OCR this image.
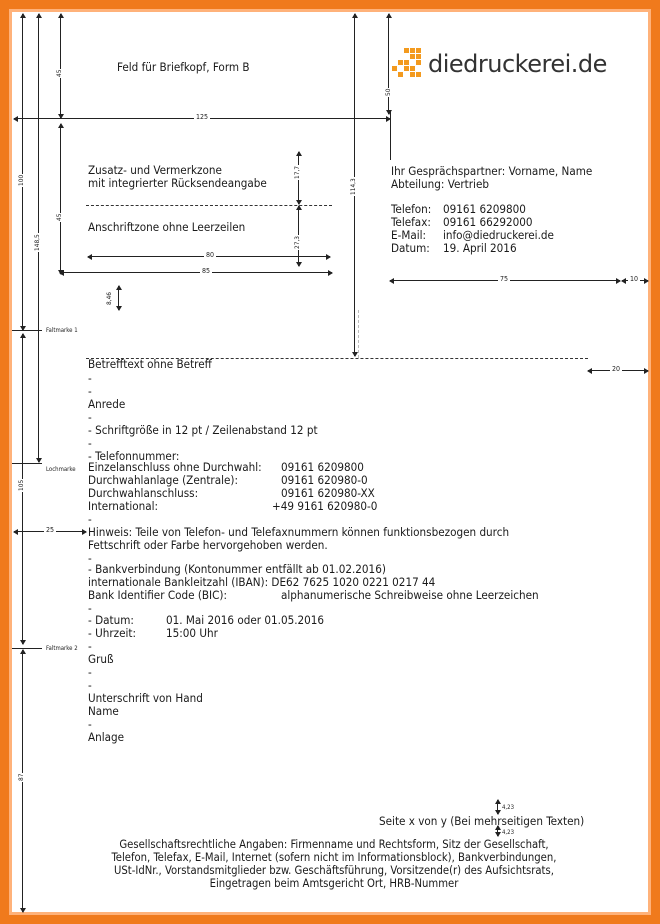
45
100
148,5
45
105
87
Faltmarke 1
Lochmarke
Faltmarke 2
125
50
114,3
17,7
27,3
80
85
8,46
75	10
20
25
4,23
4,23
Feld für Briefkopf, Form B	diedruckerei.de
Zusatz- und Vermerkzone
mit integrierter Rücksendeangabe
Anschriftzone ohne Leerzeilen
Ihr Gesprächspartner: Vorname, Name
Abteilung: Vertrieb
Telefon: 09161 6209800
Telefax: 09161 66292000
E-Mail: info@diedruckerei.de
Datum: 19. April 2016
Betrefftext ohne Betreff
-
-
Anrede
-
- Schriftgröße in 12 pt / Zeilenabstand 12 pt
-
- Telefonnummer:
Einzelanschluss ohne Durchwahl: 09161 6209800
Durchwahlanlage (Zentrale):	09161 620980-0
Durchwahlanschluss:	09161 620980-XX
International:	+49 9161 620980-0
-
Hinweis: Teile von Telefon- und Telefaxnummern können funktionsbezogen durch
Fettschrift oder Farbe hervorgehoben werden.
-
- Bankverbindung (Kontonummer entfällt ab 01.02.2016)
internationale Bankleitzahl (IBAN): DE62 7625 1020 0221 0217 44
Bank Identifier Code (BIC):	alphanumerische Schreibweise ohne Leerzeichen
-
- Datum:	01. Mai 2016 oder 01.05.2016
- Uhrzeit:	15:00 Uhr
-
Gruß
-
-
Unterschrift von Hand
Name
-
Anlage
Seite x von y (Bei mehrseitigen Texten)
Gesellschaftsrechtliche Angaben: Firmenname und Rechtsform, Sitz der Gesellschaft,
Telefon, Telefax, E-Mail, Internet (sofern nicht im Informationsblock), Bankverbindungen,
USt-IdNr., Vorstandsmitglieder bzw. Geschäftsführung, Vorsitzende(r) des Aufsichtsrats,
Eingetragen beim Amtsgericht Ort, HRB-Nummer
